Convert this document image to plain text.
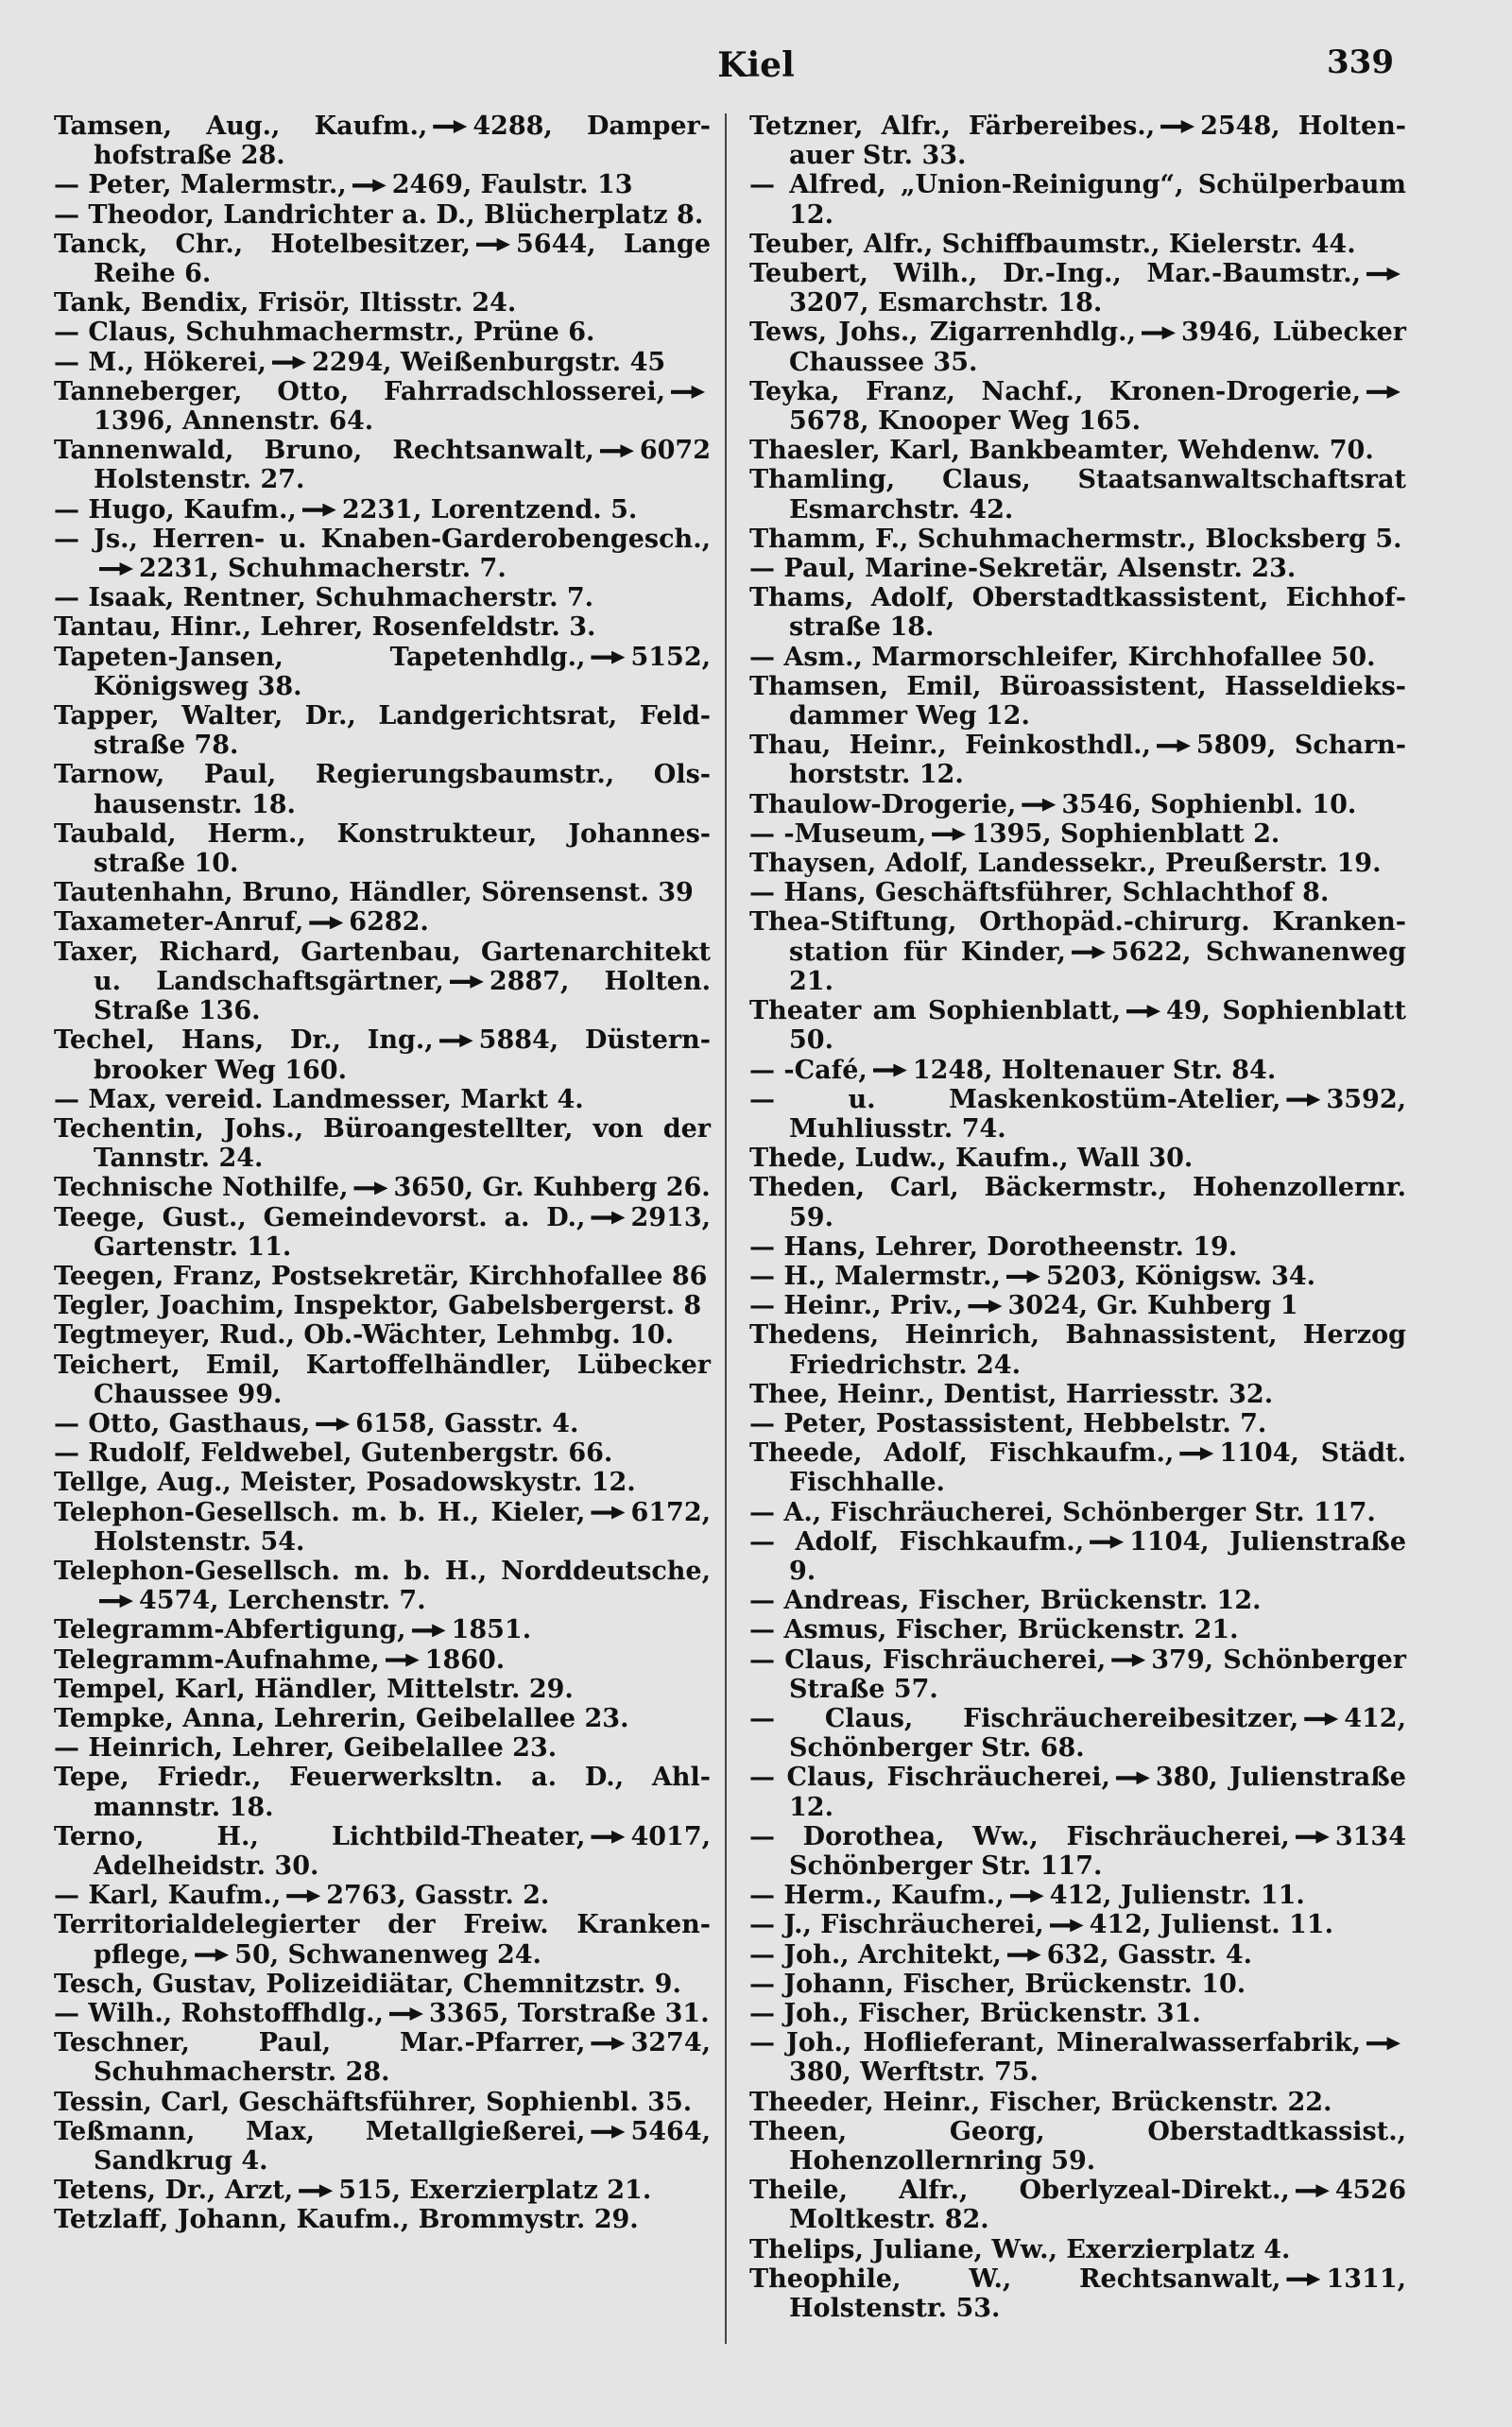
Kiel	339

Tamsen, Aug., Kaufm., 4288, Damperhofstraße 28.

— Peter, Malermstr., 2469, Faulstr. 13

— Theodor, Landrichter a. D., Blücherplatz 8.

Tanck, Chr., Hotelbesitzer, 5644, Lange Reihe 6.

Tank, Bendix, Frisör, Iltisstr. 24.

— Claus, Schuhmachermstr., Prüne 6.

— M., Hökerei, 2294, Weißenburgstr. 45

Tanneberger, Otto, Fahrradschlosserei,1396, Annenstr. 64.

Tannenwald, Bruno, Rechtsanwalt, 6072 Holstenstr. 27.

— Hugo, Kaufm., 2231, Lorentzend. 5.

— Js., Herren- u. Knaben-Garderobengesch.,2231, Schuhmacherstr. 7.

— Isaak, Rentner, Schuhmacherstr. 7.

Tantau, Hinr., Lehrer, Rosenfeldstr. 3.

Tapeten-Jansen, Tapetenhdlg., 5152, Königsweg 38.

Tapper, Walter, Dr., Landgerichtsrat, Feldstraße 78.

Tarnow, Paul, Regierungsbaumstr., Olshausenstr. 18.

Taubald, Herm., Konstrukteur, Johannesstraße 10.

Tautenhahn, Bruno, Händler, Sörensenst. 39

Taxameter-Anruf, 6282.

Taxer, Richard, Gartenbau, Gartenarchitekt u. Landschaftsgärtner, 2887, Holten. Straße 136.

Techel, Hans, Dr., Ing., 5884, Düsternbrooker Weg 160.

— Max, vereid. Landmesser, Markt 4.

Techentin, Johs., Büroangestellter, von der Tannstr. 24.

Technische Nothilfe, 3650, Gr. Kuhberg 26.

Teege, Gust., Gemeindevorst. a. D., 2913, Gartenstr. 11.

Teegen, Franz, Postsekretär, Kirchhofallee 86

Tegler, Joachim, Inspektor, Gabelsbergerst. 8

Tegtmeyer, Rud., Ob.-Wächter, Lehmbg. 10.

Teichert, Emil, Kartoffelhändler, Lübecker Chaussee 99.

— Otto, Gasthaus, 6158, Gasstr. 4.

— Rudolf, Feldwebel, Gutenbergstr. 66.

Tellge, Aug., Meister, Posadowskystr. 12.

Telephon-Gesellsch. m. b. H., Kieler, 6172, Holstenstr. 54.

Telephon-Gesellsch. m. b. H., Norddeutsche,4574, Lerchenstr. 7.

Telegramm-Abfertigung, 1851.

Telegramm-Aufnahme, 1860.

Tempel, Karl, Händler, Mittelstr. 29.

Tempke, Anna, Lehrerin, Geibelallee 23.

— Heinrich, Lehrer, Geibelallee 23.

Tepe, Friedr., Feuerwerksltn. a. D., Ahlmannstr. 18.

Terno, H., Lichtbild-Theater, 4017, Adelheidstr. 30.

— Karl, Kaufm., 2763, Gasstr. 2.

Territorialdelegierter der Freiw. Krankenpflege, 50, Schwanenweg 24.

Tesch, Gustav, Polizeidiätar, Chemnitzstr. 9.

— Wilh., Rohstoffhdlg., 3365, Torstraße 31.

Teschner, Paul, Mar.-Pfarrer, 3274, Schuhmacherstr. 28.

Tessin, Carl, Geschäftsführer, Sophienbl. 35.

Teßmann, Max, Metallgießerei, 5464, Sandkrug 4.

Tetens, Dr., Arzt, 515, Exerzierplatz 21.

Tetzlaff, Johann, Kaufm., Brommystr. 29.

Tetzner, Alfr., Färbereibes., 2548, Holtenauer Str. 33.

— Alfred, „Union-Reinigung“, Schülperbaum 12.

Teuber, Alfr., Schiffbaumstr., Kielerstr. 44.

Teubert, Wilh., Dr.-Ing., Mar.-Baumstr.,3207, Esmarchstr. 18.

Tews, Johs., Zigarrenhdlg., 3946, Lübecker Chaussee 35.

Teyka, Franz, Nachf., Kronen-Drogerie,5678, Knooper Weg 165.

Thaesler, Karl, Bankbeamter, Wehdenw. 70.

Thamling, Claus, Staatsanwaltschaftsrat Esmarchstr. 42.

Thamm, F., Schuhmachermstr., Blocksberg 5.

— Paul, Marine-Sekretär, Alsenstr. 23.

Thams, Adolf, Oberstadtkassistent, Eichhofstraße 18.

— Asm., Marmorschleifer, Kirchhofallee 50.

Thamsen, Emil, Büroassistent, Hasseldieksdammer Weg 12.

Thau, Heinr., Feinkosthdl., 5809, Scharnhorststr. 12.

Thaulow-Drogerie, 3546, Sophienbl. 10.

— -Museum, 1395, Sophienblatt 2.

Thaysen, Adolf, Landessekr., Preußerstr. 19.

— Hans, Geschäftsführer, Schlachthof 8.

Thea-Stiftung, Orthopäd.-chirurg. Krankenstation für Kinder, 5622, Schwanenweg 21.

Theater am Sophienblatt, 49, Sophienblatt 50.

— -Café, 1248, Holtenauer Str. 84.

— u. Maskenkostüm-Atelier, 3592, Muhliusstr. 74.

Thede, Ludw., Kaufm., Wall 30.

Theden, Carl, Bäckermstr., Hohenzollernr. 59.

— Hans, Lehrer, Dorotheenstr. 19.

— H., Malermstr., 5203, Königsw. 34.

— Heinr., Priv., 3024, Gr. Kuhberg 1

Thedens, Heinrich, Bahnassistent, Herzog Friedrichstr. 24.

Thee, Heinr., Dentist, Harriesstr. 32.

— Peter, Postassistent, Hebbelstr. 7.

Theede, Adolf, Fischkaufm., 1104, Städt. Fischhalle.

— A., Fischräucherei, Schönberger Str. 117.

— Adolf, Fischkaufm., 1104, Julienstraße 9.

— Andreas, Fischer, Brückenstr. 12.

— Asmus, Fischer, Brückenstr. 21.

— Claus, Fischräucherei, 379, Schönberger Straße 57.

— Claus, Fischräuchereibesitzer, 412, Schönberger Str. 68.

— Claus, Fischräucherei, 380, Julienstraße 12.

— Dorothea, Ww., Fischräucherei, 3134 Schönberger Str. 117.

— Herm., Kaufm., 412, Julienstr. 11.

— J., Fischräucherei, 412, Julienst. 11.

— Joh., Architekt, 632, Gasstr. 4.

— Johann, Fischer, Brückenstr. 10.

— Joh., Fischer, Brückenstr. 31.

— Joh., Hoflieferant, Mineralwasserfabrik,380, Werftstr. 75.

Theeder, Heinr., Fischer, Brückenstr. 22.

Theen, Georg, Oberstadtkassist., Hohenzollernring 59.

Theile, Alfr., Oberlyzeal-Direkt., 4526 Moltkestr. 82.

Thelips, Juliane, Ww., Exerzierplatz 4.

Theophile, W., Rechtsanwalt, 1311, Holstenstr. 53.
